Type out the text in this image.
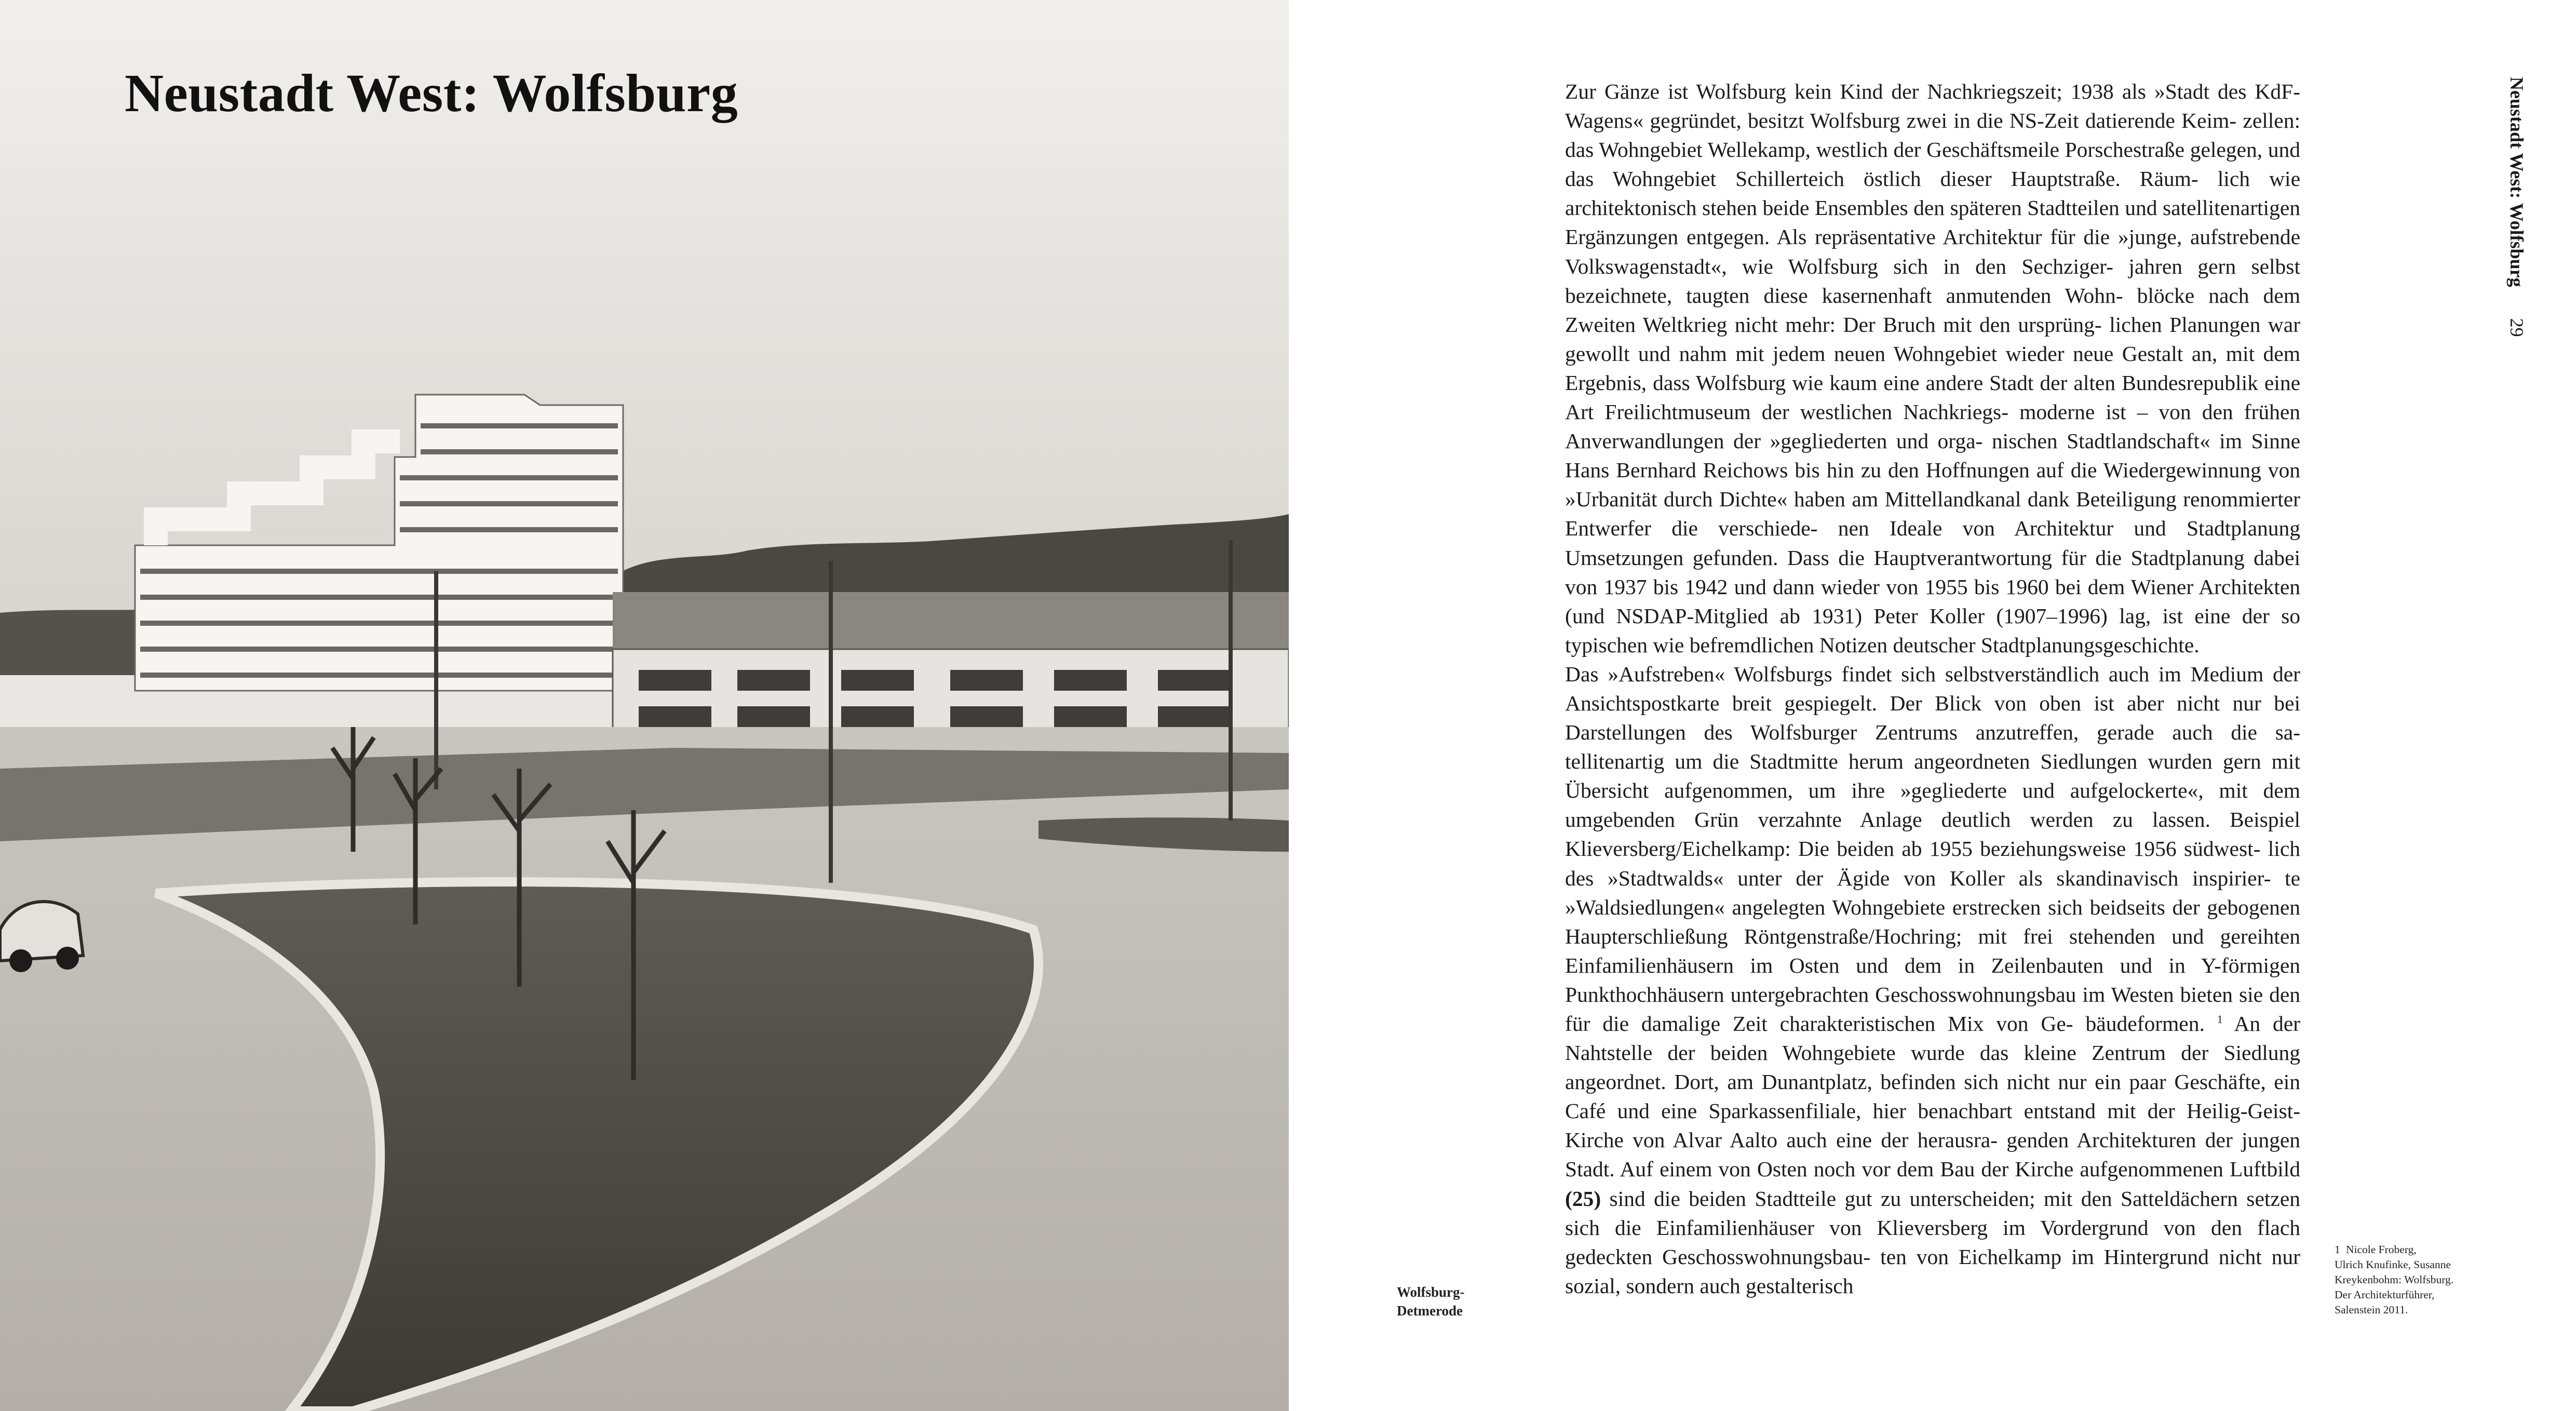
Neustadt West: Wolfsburg
Wolfsburg-
Detmerode

Zur Gänze ist Wolfsburg kein Kind der Nachkriegszeit; 1938 als »Stadt des KdF- Wagens« gegründet, besitzt Wolfsburg zwei in die NS-Zeit datierende Keim- zellen: das Wohngebiet Wellekamp, westlich der Geschäftsmeile Porschestraße gelegen, und das Wohngebiet Schillerteich östlich dieser Hauptstraße. Räum- lich wie architektonisch stehen beide Ensembles den späteren Stadtteilen und satellitenartigen Ergänzungen entgegen. Als repräsentative Architektur für die »junge, aufstrebende Volkswagenstadt«, wie Wolfsburg sich in den Sechziger- jahren gern selbst bezeichnete, taugten diese kasernenhaft anmutenden Wohn- blöcke nach dem Zweiten Weltkrieg nicht mehr: Der Bruch mit den ursprüng- lichen Planungen war gewollt und nahm mit jedem neuen Wohngebiet wieder neue Gestalt an, mit dem Ergebnis, dass Wolfsburg wie kaum eine andere Stadt der alten Bundesrepublik eine Art Freilichtmuseum der westlichen Nachkriegs- moderne ist – von den frühen Anverwandlungen der »gegliederten und orga- nischen Stadtlandschaft« im Sinne Hans Bernhard Reichows bis hin zu den Hoffnungen auf die Wiedergewinnung von »Urbanität durch Dichte« haben am Mittellandkanal dank Beteiligung renommierter Entwerfer die verschiede- nen Ideale von Architektur und Stadtplanung Umsetzungen gefunden. Dass die Hauptverantwortung für die Stadtplanung dabei von 1937 bis 1942 und dann wieder von 1955 bis 1960 bei dem Wiener Architekten (und NSDAP-Mitglied ab 1931) Peter Koller (1907–1996) lag, ist eine der so typischen wie befremdlichen Notizen deutscher Stadtplanungsgeschichte.

Das »Aufstreben« Wolfsburgs findet sich selbstverständlich auch im Medium der Ansichtspostkarte breit gespiegelt. Der Blick von oben ist aber nicht nur bei Darstellungen des Wolfsburger Zentrums anzutreffen, gerade auch die sa- tellitenartig um die Stadtmitte herum angeordneten Siedlungen wurden gern mit Übersicht aufgenommen, um ihre »gegliederte und aufgelockerte«, mit dem umgebenden Grün verzahnte Anlage deutlich werden zu lassen. Beispiel Klieversberg/Eichelkamp: Die beiden ab 1955 beziehungsweise 1956 südwest- lich des »Stadtwalds« unter der Ägide von Koller als skandinavisch inspirier- te »Waldsiedlungen« angelegten Wohngebiete erstrecken sich beidseits der gebogenen Haupterschließung Röntgenstraße/Hochring; mit frei stehenden und gereihten Einfamilienhäusern im Osten und dem in Zeilenbauten und in Y-förmigen Punkthochhäusern untergebrachten Geschosswohnungsbau im Westen bieten sie den für die damalige Zeit charakteristischen Mix von Ge- bäudeformen. $^1$ An der Nahtstelle der beiden Wohngebiete wurde das kleine Zentrum der Siedlung angeordnet. Dort, am Dunantplatz, befinden sich nicht nur ein paar Geschäfte, ein Café und eine Sparkassenfiliale, hier benachbart entstand mit der Heilig-Geist-Kirche von Alvar Aalto auch eine der herausra- genden Architekturen der jungen Stadt. Auf einem von Osten noch vor dem Bau der Kirche aufgenommenen Luftbild (25) sind die beiden Stadtteile gut zu unterscheiden; mit den Satteldächern setzen sich die Einfamilienhäuser von Klieversberg im Vordergrund von den flach gedeckten Geschosswohnungsbau- ten von Eichelkamp im Hintergrund nicht nur sozial, sondern auch gestalterisch

Neustadt West: Wolfsburg
29
1 Nicole Froberg,
Ulrich Knufinke, Susanne
Kreykenbohm: Wolfsburg.
Der Architekturführer,
Salenstein 2011.
